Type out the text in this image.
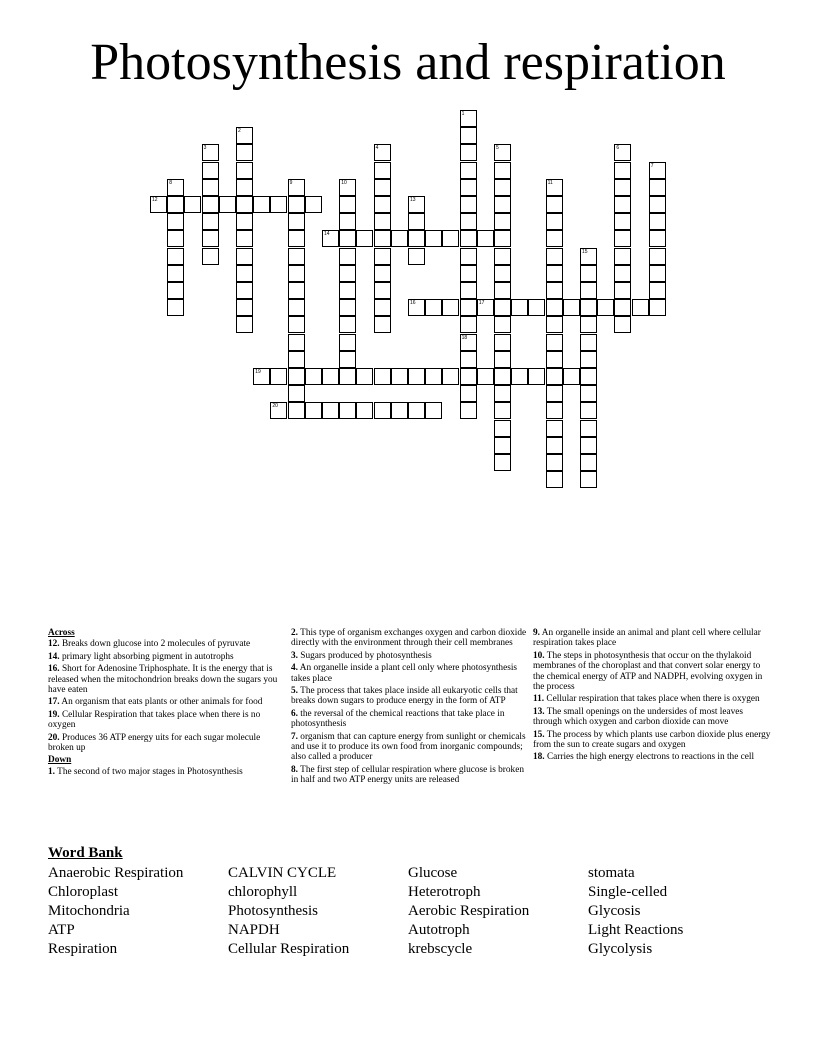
Photosynthesis and respiration
1
18
2
3	4	5	6
7
8	9	10	11
12	13
14
15
16	17
19
20
Across
12. Breaks down glucose into 2 molecules of pyruvate
14. primary light absorbing pigment in autotrophs
16. Short for Adenosine Triphosphate. It is the energy that is released when the mitochondrion breaks down the sugars you have eaten
17. An organism that eats plants or other animals for food
19. Cellular Respiration that takes place when there is no oxygen
20. Produces 36 ATP energy uits for each sugar molecule broken up
Down
1. The second of two major stages in Photosynthesis
2. This type of organism exchanges oxygen and carbon dioxide directly with the environment through their cell membranes
3. Sugars produced by photosynthesis
4. An organelle inside a plant cell only where photosynthesis takes place
5. The process that takes place inside all eukaryotic cells that breaks down sugars to produce energy in the form of ATP
6. the reversal of the chemical reactions that take place in photosynthesis
7. organism that can capture energy from sunlight or chemicals and use it to produce its own food from inorganic compounds; also called a producer
8. The first step of cellular respiration where glucose is broken in half and two ATP energy units are released
9. An organelle inside an animal and plant cell where cellular respiration takes place
10. The steps in photosynthesis that occur on the thylakoid membranes of the choroplast and that convert solar energy to the chemical energy of ATP and NADPH, evolving oxygen in the process
11. Cellular respiration that takes place when there is oxygen
13. The small openings on the undersides of most leaves through which oxygen and carbon dioxide can move
15. The process by which plants use carbon dioxide plus energy from the sun to create sugars and oxygen
18. Carries the high energy electrons to reactions in the cell
Word Bank
Anaerobic Respiration
Chloroplast
Mitochondria
ATP
Respiration
CALVIN CYCLE
chlorophyll
Photosynthesis
NAPDH
Cellular Respiration
Glucose
Heterotroph
Aerobic Respiration
Autotroph
krebscycle
stomata
Single-celled
Glycosis
Light Reactions
Glycolysis
